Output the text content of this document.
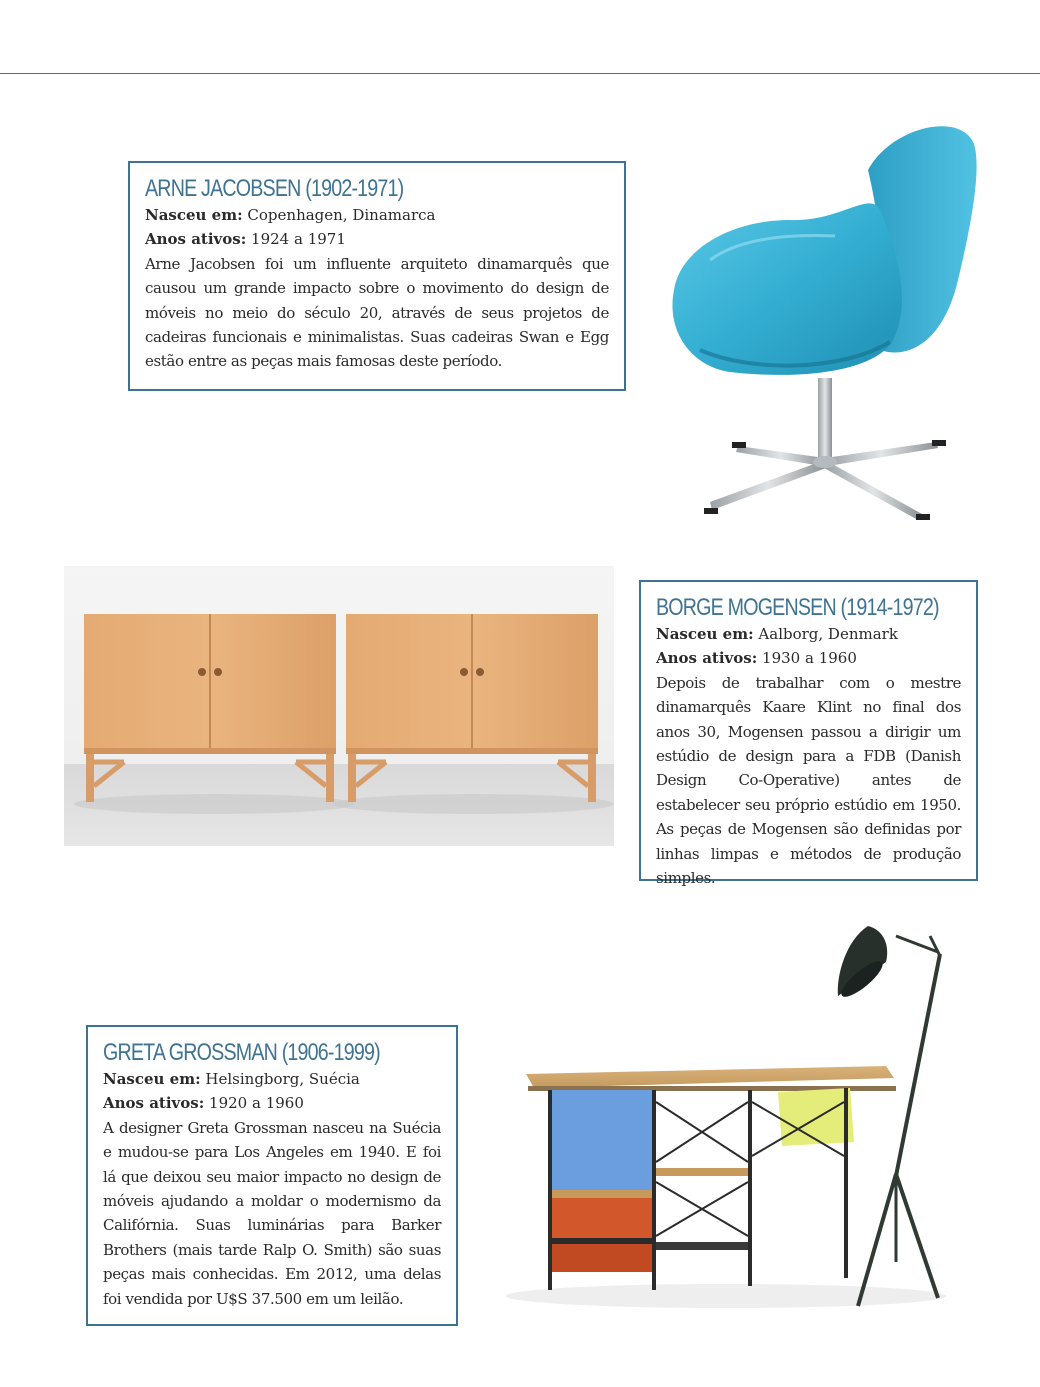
ARNE JACOBSEN (1902-1971)

Nasceu em: Copenhagen, Dinamarca

Anos ativos: 1924 a 1971

Arne Jacobsen foi um influente arquiteto dinamarquês que causou um grande impacto sobre o movimento do design de móveis no meio do século 20, através de seus projetos de cadeiras funcionais e minimalistas. Suas cadeiras Swan e Egg estão entre as peças mais famosas deste período.

BORGE MOGENSEN (1914-1972)

Nasceu em: Aalborg, Denmark

Anos ativos: 1930 a 1960

Depois de trabalhar com o mestre dinamarquês Kaare Klint no final dos anos 30, Mogensen passou a dirigir um estúdio de design para a FDB (Danish Design Co-Operative) antes de estabelecer seu próprio estúdio em 1950. As peças de Mogensen são definidas por linhas limpas e métodos de produção simples.

GRETA GROSSMAN (1906-1999)

Nasceu em: Helsingborg, Suécia

Anos ativos: 1920 a 1960

A designer Greta Grossman nasceu na Suécia e mudou-se para Los Angeles em 1940. E foi lá que deixou seu maior impacto no design de móveis ajudando a moldar o modernismo da Califórnia. Suas luminárias para Barker Brothers (mais tarde Ralp O. Smith) são suas peças mais conhecidas. Em 2012, uma delas foi vendida por U$S 37.500 em um leilão.
